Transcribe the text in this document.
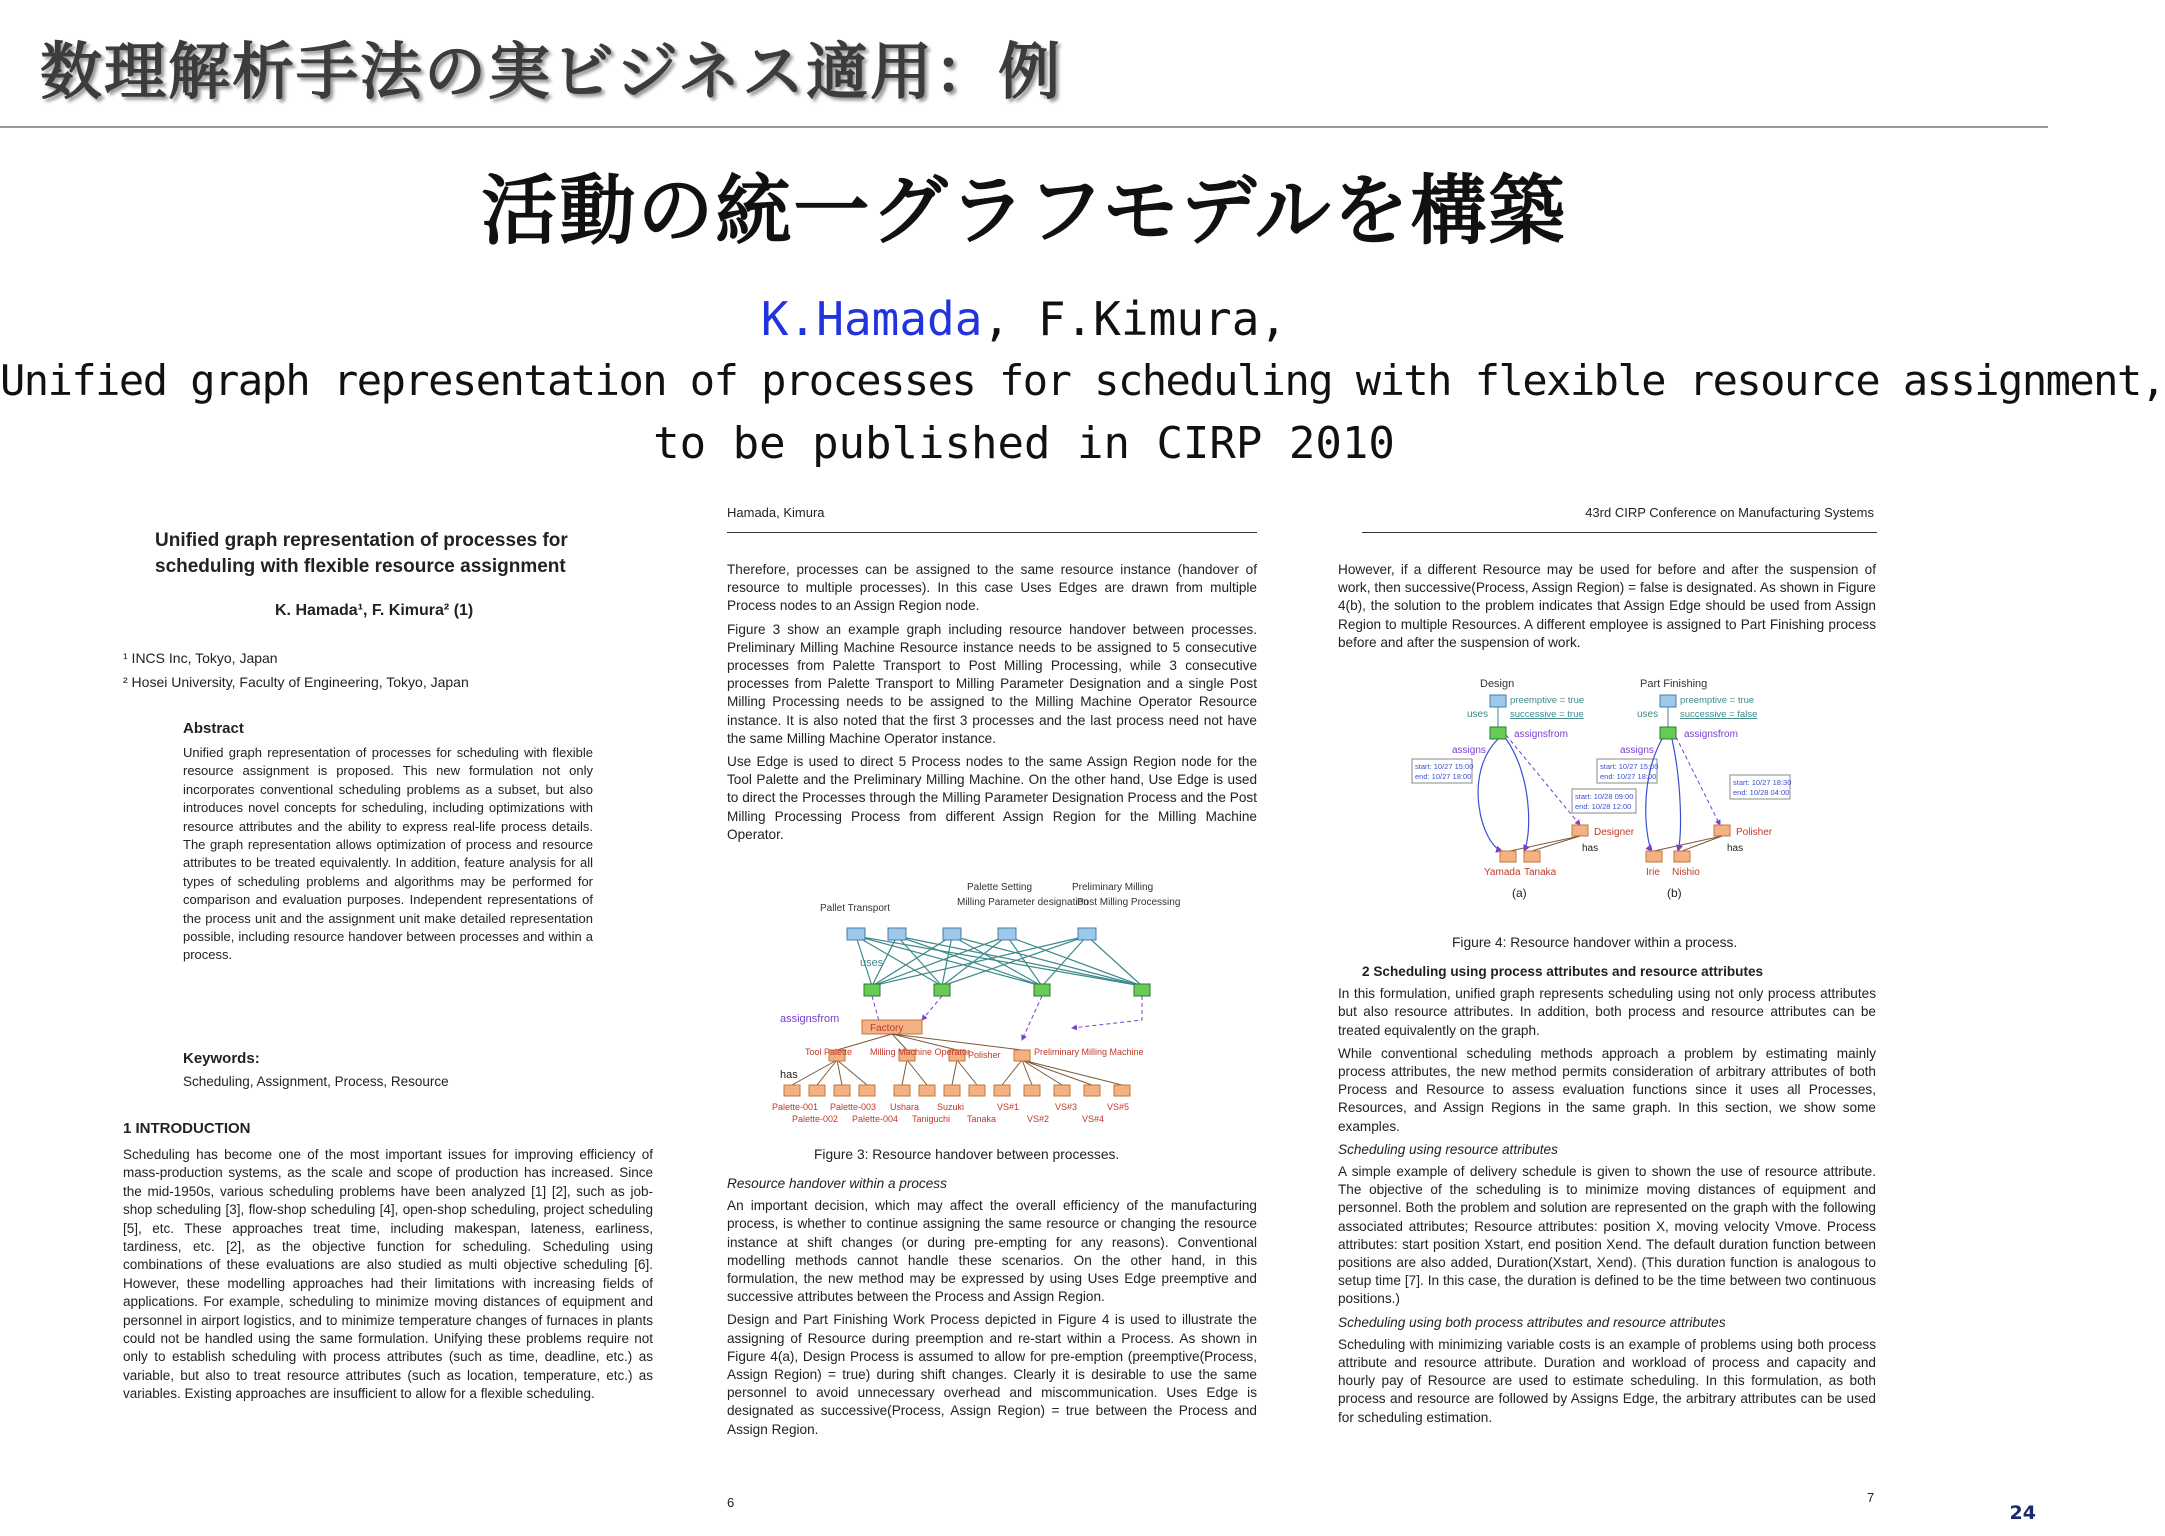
数理解析手法の実ビジネス適用：例
活動の統一グラフモデルを構築
K.Hamada, F.Kimura,
Unified graph representation of processes for scheduling with flexible resource assignment,
to be published in CIRP 2010
Unified graph representation of processes for scheduling with flexible resource assignment
K. Hamada¹, F. Kimura² (1)
¹ INCS Inc, Tokyo, Japan
² Hosei University, Faculty of Engineering, Tokyo, Japan
Abstract
Unified graph representation of processes for scheduling with flexible resource assignment is proposed. This new formulation not only incorporates conventional scheduling problems as a subset, but also introduces novel concepts for scheduling, including optimizations with resource attributes and the ability to express real-life process details. The graph representation allows optimization of process and resource attributes to be treated equivalently. In addition, feature analysis for all types of scheduling problems and algorithms may be performed for comparison and evaluation purposes. Independent representations of the process unit and the assignment unit make detailed representation possible, including resource handover between processes and within a process.
Keywords:
Scheduling, Assignment, Process, Resource
1 INTRODUCTION
Scheduling has become one of the most important issues for improving efficiency of mass-production systems, as the scale and scope of production has increased. Since the mid-1950s, various scheduling problems have been analyzed [1] [2], such as job-shop scheduling [3], flow-shop scheduling [4], open-shop scheduling, project scheduling [5], etc. These approaches treat time, including makespan, lateness, earliness, tardiness, etc. [2], as the objective function for scheduling. Scheduling using combinations of these evaluations are also studied as multi objective scheduling [6]. However, these modelling approaches had their limitations with increasing fields of applications. For example, scheduling to minimize moving distances of equipment and personnel in airport logistics, and to minimize temperature changes of furnaces in plants could not be handled using the same formulation. Unifying these problems require not only to establish scheduling with process attributes (such as time, deadline, etc.) as variable, but also to treat resource attributes (such as location, temperature, etc.) as variables. Existing approaches are insufficient to allow for a flexible scheduling.
Hamada, Kimura

Therefore, processes can be assigned to the same resource instance (handover of resource to multiple processes). In this case Uses Edges are drawn from multiple Process nodes to an Assign Region node.

Figure 3 show an example graph including resource handover between processes. Preliminary Milling Machine Resource instance needs to be assigned to 5 consecutive processes from Palette Transport to Post Milling Processing, while 3 consecutive processes from Palette Transport to Milling Parameter Designation and a single Post Milling Processing needs to be assigned to the Milling Machine Operator Resource instance. It is also noted that the first 3 processes and the last process need not have the same Milling Machine Operator instance.

Use Edge is used to direct 5 Process nodes to the same Assign Region node for the Tool Palette and the Preliminary Milling Machine. On the other hand, Use Edge is used to direct the Processes through the Milling Parameter Designation Process and the Post Milling Processing Process from different Assign Region for the Milling Machine Operator.

Palette Setting	Preliminary Milling
Pallet Transport
Milling Parameter designation
Post Milling Processing
uses
assignsfrom
Factory
Tool Palette Milling Machine Operator
Polisher	Preliminary Milling Machine
has
Palette-001 Palette-003 Ushara Suzuki	VS#1	VS#3	VS#5
Palette-002 Palette-004 Taniguchi Tanaka	VS#2	VS#4
Figure 3: Resource handover between processes.

Resource handover within a process

An important decision, which may affect the overall efficiency of the manufacturing process, is whether to continue assigning the same resource or changing the resource instance at shift changes (or during pre-empting for any reasons). Conventional modelling methods cannot handle these scenarios. On the other hand, in this formulation, the new method may be expressed by using Uses Edge preemptive and successive attributes between the Process and Assign Region.

Design and Part Finishing Work Process depicted in Figure 4 is used to illustrate the assigning of Resource during preemption and re-start within a Process. As shown in Figure 4(a), Design Process is assumed to allow for pre-emption (preemptive(Process, Assign Region) = true) during shift changes. Clearly it is desirable to use the same personnel to avoid unnecessary overhead and miscommunication. Uses Edge is designated as successive(Process, Assign Region) = true between the Process and Assign Region.

6
43rd CIRP Conference on Manufacturing Systems

However, if a different Resource may be used for before and after the suspension of work, then successive(Process, Assign Region) = false is designated. As shown in Figure 4(b), the solution to the problem indicates that Assign Edge should be used from Assign Region to multiple Resources. A different employee is assigned to Part Finishing process before and after the suspension of work.

Design
preemptive = true
successive = true
uses
assignsfrom
assigns
start: 10/27 15:00
end: 10/27 18:00
start: 10/27 15:00
end: 10/27 18:00
start: 10/28 09:00
end: 10/28 12:00
Designer
has
Yamada Tanaka
(a)
Part Finishing
preemptive = true
successive = false
uses
assignsfrom
assigns
start: 10/27 18:30
end: 10/28 04:00
Polisher
has
Irie Nishio
(b)
Figure 4: Resource handover within a process.

2 Scheduling using process attributes and resource attributes

In this formulation, unified graph represents scheduling using not only process attributes but also resource attributes. In addition, both process and resource attributes can be treated equivalently on the graph.

While conventional scheduling methods approach a problem by estimating mainly process attributes, the new method permits consideration of arbitrary attributes of both Process and Resource to assess evaluation functions since it uses all Processes, Resources, and Assign Regions in the same graph. In this section, we show some examples.

Scheduling using resource attributes

A simple example of delivery schedule is given to shown the use of resource attribute. The objective of the scheduling is to minimize moving distances of equipment and personnel. Both the problem and solution are represented on the graph with the following associated attributes; Resource attributes: position X, moving velocity Vmove. Process attributes: start position Xstart, end position Xend. The default duration function between positions are also added, Duration(Xstart, Xend). (This duration function is analogous to setup time [7]. In this case, the duration is defined to be the time between two continuous positions.)

Scheduling using both process attributes and resource attributes

Scheduling with minimizing variable costs is an example of problems using both process attribute and resource attribute. Duration and workload of process and capacity and hourly pay of Resource are used to estimate scheduling. In this formulation, as both process and resource are followed by Assigns Edge, the arbitrary attributes can be used for scheduling estimation.

7
24
